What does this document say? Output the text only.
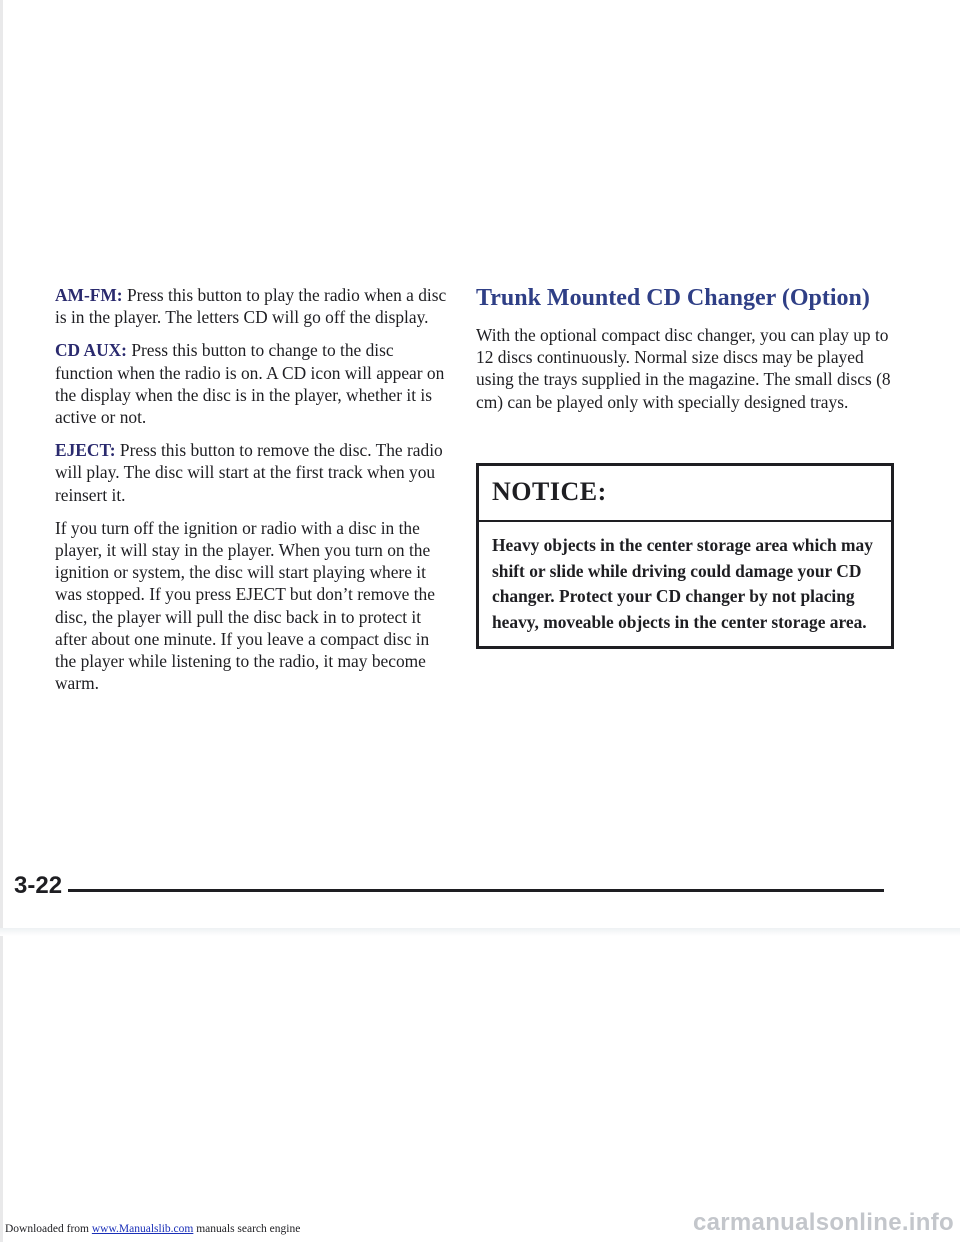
AM-FM: Press this button to play the radio when a disc is in the player. The letters CD will go off the display.

CD AUX: Press this button to change to the disc function when the radio is on. A CD icon will appear on the display when the disc is in the player, whether it is active or not.

EJECT: Press this button to remove the disc. The radio will play. The disc will start at the first track when you reinsert it.

If you turn off the ignition or radio with a disc in the player, it will stay in the player. When you turn on the ignition or system, the disc will start playing where it was stopped. If you press EJECT but don’t remove the disc, the player will pull the disc back in to protect it after about one minute. If you leave a compact disc in the player while listening to the radio, it may become warm.

Trunk Mounted CD Changer (Option)

With the optional compact disc changer, you can play up to 12 discs continuously. Normal size discs may be played using the trays supplied in the magazine. The small discs (8 cm) can be played only with specially designed trays.

NOTICE:
Heavy objects in the center storage area which may shift or slide while driving could damage your CD changer. Protect your CD changer by not placing heavy, moveable objects in the center storage area.
3-22
Downloaded from www.Manualslib.com manuals search engine	carmanualsonline.info
